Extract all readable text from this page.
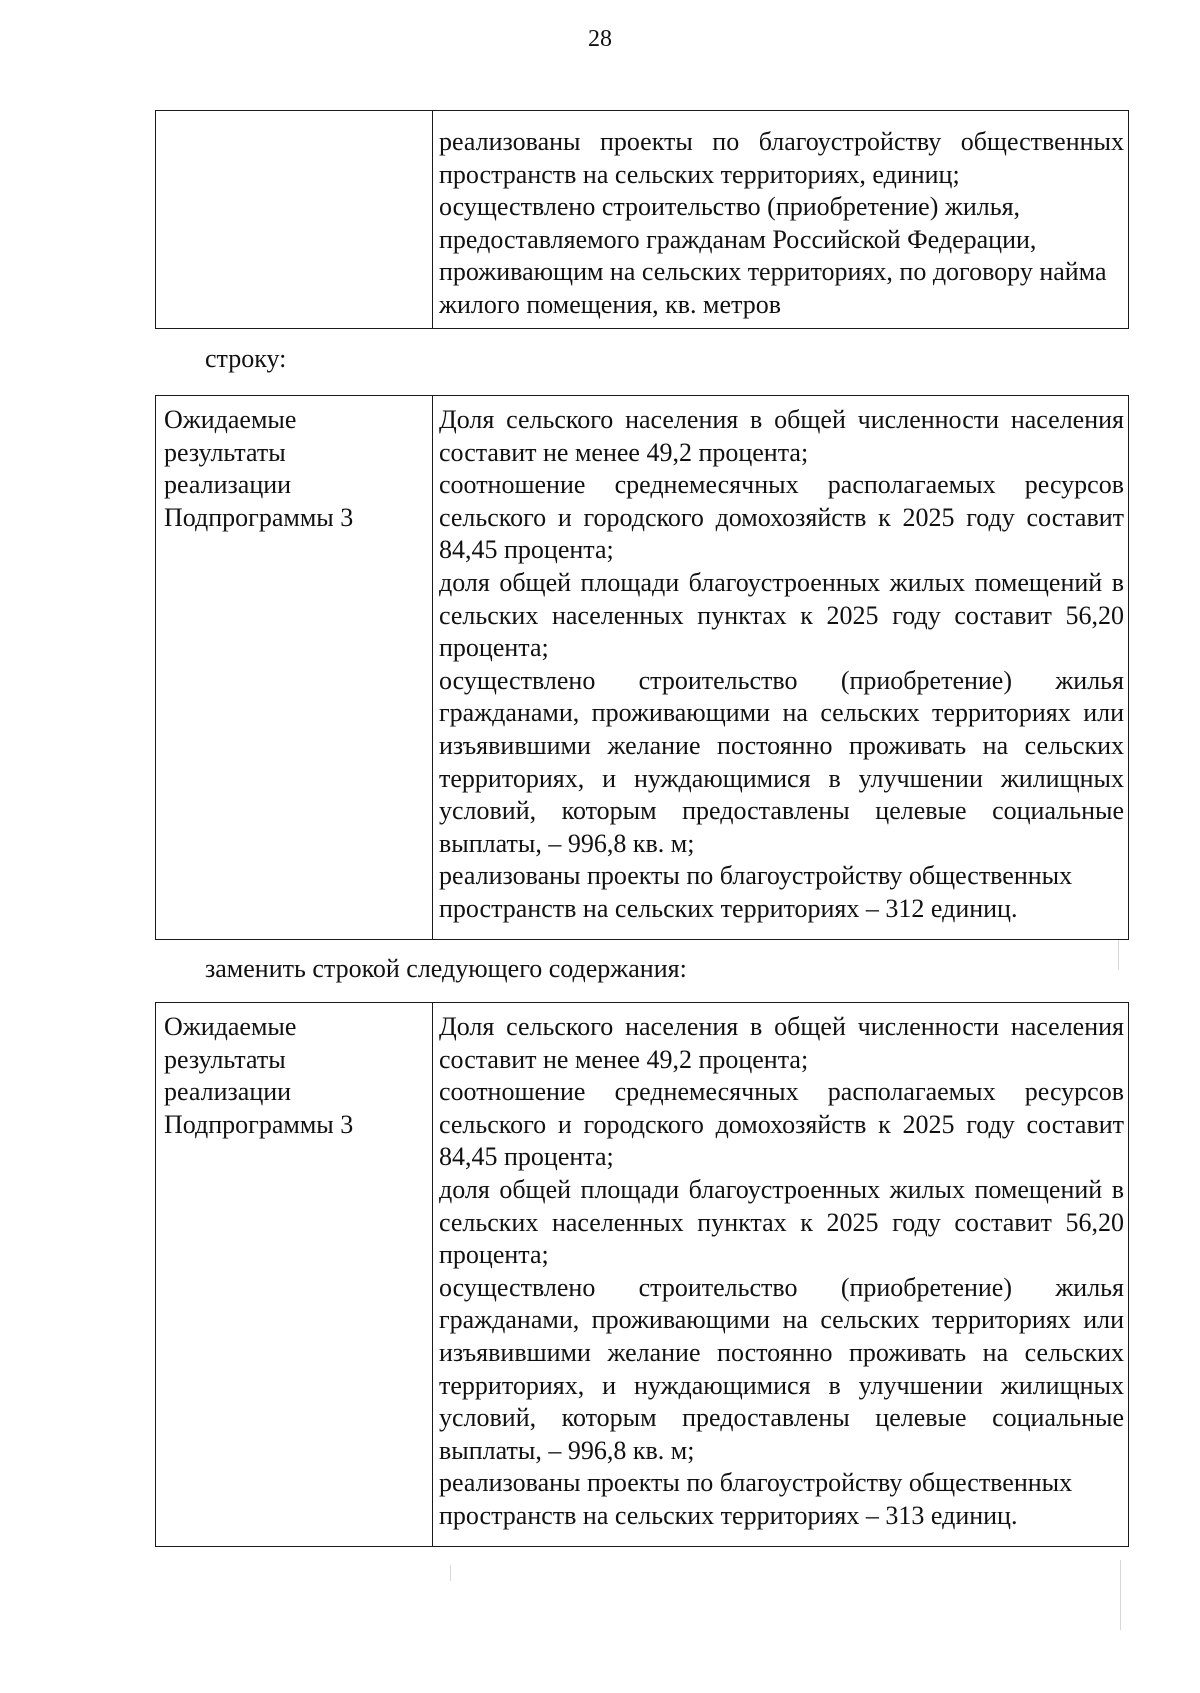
28

реализованы проекты по благоустройству общественных пространств на сельских территориях, единиц;
осуществлено строительство (приобретение) жилья, предоставляемого гражданам Российской Федерации, проживающим на сельских территориях, по договору найма жилого помещения, кв. метров
строку:
Ожидаемые
результаты
реализации
Подпрограммы 3

Доля сельского населения в общей численности населения составит не менее 49,2 процента;
соотношение среднемесячных располагаемых ресурсов сельского и городского домохозяйств к 2025 году составит 84,45 процента;
доля общей площади благоустроенных жилых помещений в сельских населенных пунктах к 2025 году составит 56,20 процента;
осуществлено строительство (приобретение) жилья гражданами, проживающими на сельских территориях или изъявившими желание постоянно проживать на сельских территориях, и нуждающимися в улучшении жилищных условий, которым предоставлены целевые социальные выплаты, – 996,8 кв. м;
реализованы проекты по благоустройству общественных пространств на сельских территориях – 312 единиц.
заменить строкой следующего содержания:
Ожидаемые
результаты
реализации
Подпрограммы 3

Доля сельского населения в общей численности населения составит не менее 49,2 процента;
соотношение среднемесячных располагаемых ресурсов сельского и городского домохозяйств к 2025 году составит 84,45 процента;
доля общей площади благоустроенных жилых помещений в сельских населенных пунктах к 2025 году составит 56,20 процента;
осуществлено строительство (приобретение) жилья гражданами, проживающими на сельских территориях или изъявившими желание постоянно проживать на сельских территориях, и нуждающимися в улучшении жилищных условий, которым предоставлены целевые социальные выплаты, – 996,8 кв. м;
реализованы проекты по благоустройству общественных пространств на сельских территориях – 313 единиц.
